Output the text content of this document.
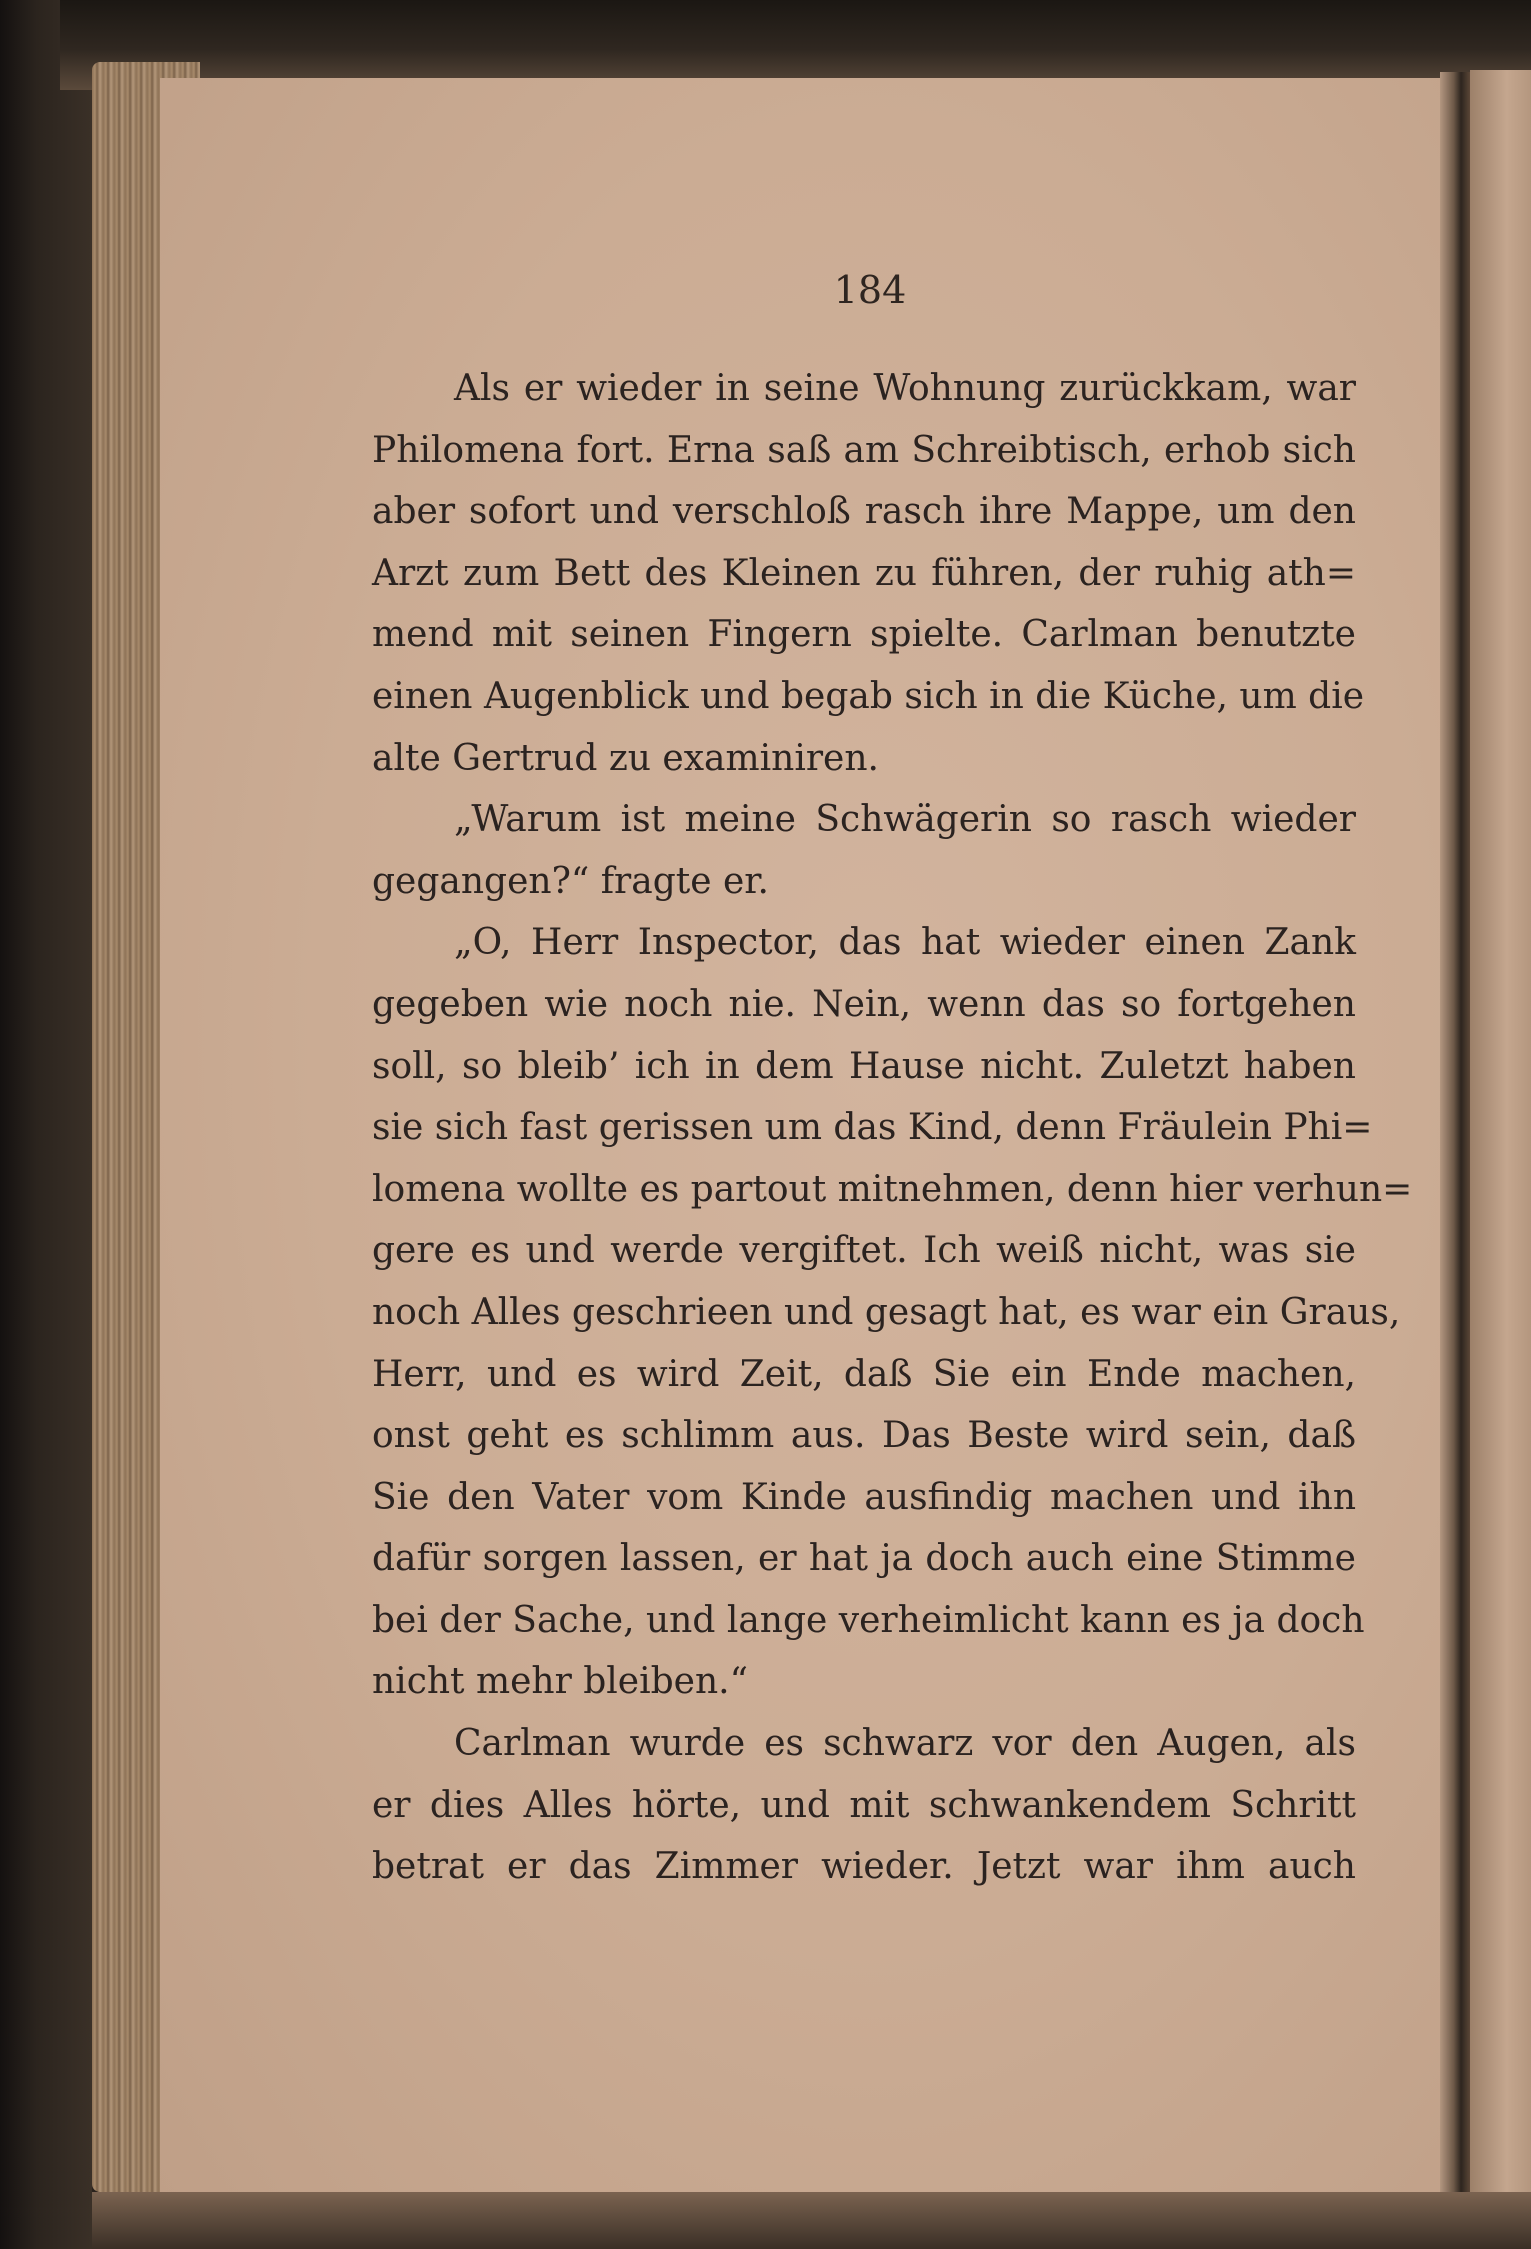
184
Als er wieder in seine Wohnung zurückkam, war
Philomena fort. Erna saß am Schreibtisch, erhob sich
aber sofort und verschloß rasch ihre Mappe, um den
Arzt zum Bett des Kleinen zu führen, der ruhig ath=
mend mit seinen Fingern spielte. Carlman benutzte
einen Augenblick und begab sich in die Küche, um die
alte Gertrud zu examiniren.
„Warum ist meine Schwägerin so rasch wieder
gegangen?“ fragte er.
„O, Herr Inspector, das hat wieder einen Zank
gegeben wie noch nie. Nein, wenn das so fortgehen
soll, so bleib’ ich in dem Hause nicht. Zuletzt haben
sie sich fast gerissen um das Kind, denn Fräulein Phi=
lomena wollte es partout mitnehmen, denn hier verhun=
gere es und werde vergiftet. Ich weiß nicht, was sie
noch Alles geschrieen und gesagt hat, es war ein Graus,
Herr, und es wird Zeit, daß Sie ein Ende machen,
onst geht es schlimm aus. Das Beste wird sein, daß
Sie den Vater vom Kinde ausfindig machen und ihn
dafür sorgen lassen, er hat ja doch auch eine Stimme
bei der Sache, und lange verheimlicht kann es ja doch
nicht mehr bleiben.“
Carlman wurde es schwarz vor den Augen, als
er dies Alles hörte, und mit schwankendem Schritt
betrat er das Zimmer wieder. Jetzt war ihm auch
